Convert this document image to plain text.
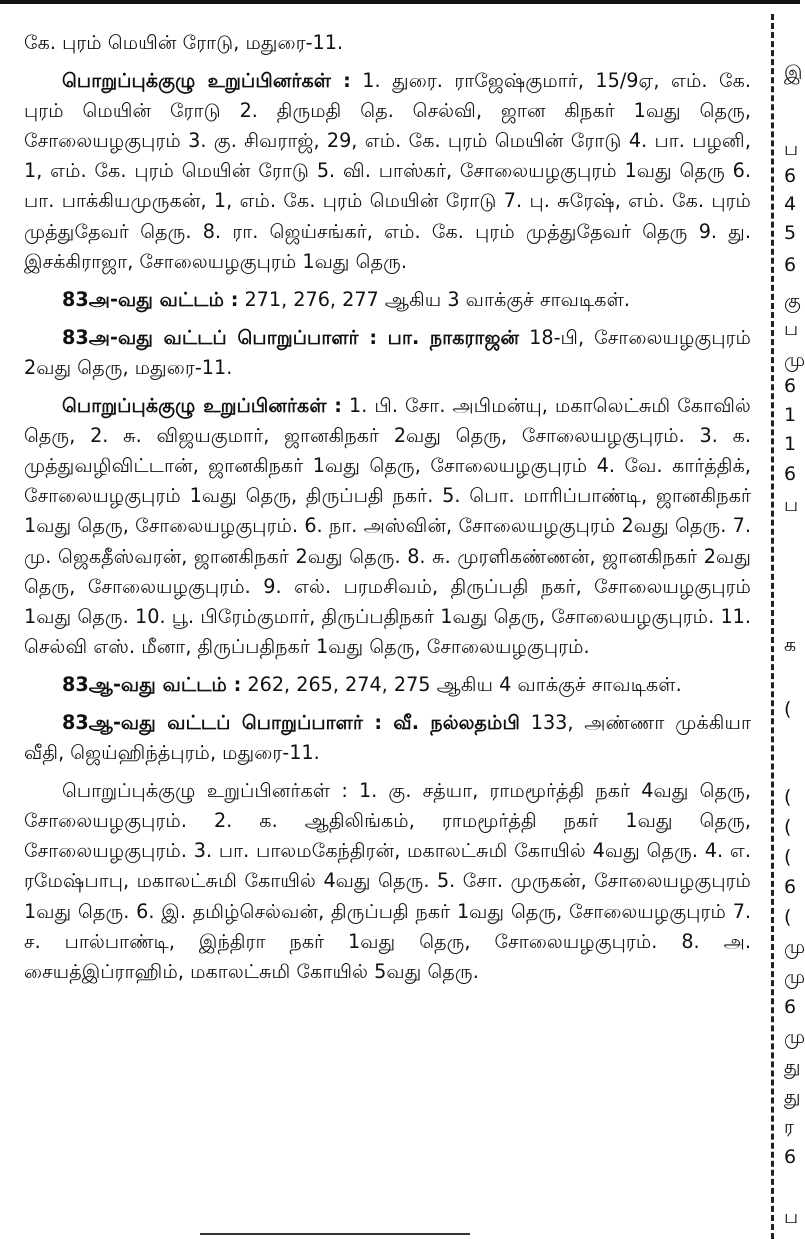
கே. புரம் மெயின் ரோடு, மதுரை-11.

பொறுப்புக்குழு உறுப்பினர்கள் : 1. துரை. ராஜேஷ்குமார், 15/9ஏ, எம். கே. புரம் மெயின் ரோடு 2. திருமதி தெ. செல்வி, ஜான கிநகர் 1வது தெரு, சோலையழகுபுரம் 3. கு. சிவராஜ், 29, எம். கே. புரம் மெயின் ரோடு 4. பா. பழனி, 1, எம். கே. புரம் மெயின் ரோடு 5. வி. பாஸ்கர், சோலையழகுபுரம் 1வது தெரு 6. பா. பாக்கியமுருகன், 1, எம். கே. புரம் மெயின் ரோடு 7. பு. சுரேஷ், எம். கே. புரம் முத்துதேவர் தெரு. 8. ரா. ஜெய்சங்கர், எம். கே. புரம் முத்துதேவர் தெரு 9. து. இசக்கிராஜா, சோலையழகுபுரம் 1வது தெரு.

83அ-வது வட்டம் : 271, 276, 277 ஆகிய 3 வாக்குச் சாவடிகள்.

83அ-வது வட்டப் பொறுப்பாளர் : பா. நாகராஜன் 18-பி, சோலையழகுபுரம் 2வது தெரு, மதுரை-11.

பொறுப்புக்குழு உறுப்பினர்கள் : 1. பி. சோ. அபிமன்யு, மகாலெட்சுமி கோவில் தெரு, 2. சு. விஜயகுமார், ஜானகிநகர் 2வது தெரு, சோலையழகுபுரம். 3. க. முத்துவழிவிட்டான், ஜானகிநகர் 1வது தெரு, சோலையழகுபுரம் 4. வே. கார்த்திக், சோலையழகுபுரம் 1வது தெரு, திருப்பதி நகர். 5. பொ. மாரிப்பாண்டி, ஜானகிநகர் 1வது தெரு, சோலையழகுபுரம். 6. நா. அஸ்வின், சோலையழகுபுரம் 2வது தெரு. 7. மு. ஜெகதீஸ்வரன், ஜானகிநகர் 2வது தெரு. 8. சு. முரளிகண்ணன், ஜானகிநகர் 2வது தெரு, சோலையழகுபுரம். 9. எல். பரமசிவம், திருப்பதி நகர், சோலையழகுபுரம் 1வது தெரு. 10. பூ. பிரேம்குமார், திருப்பதிநகர் 1வது தெரு, சோலையழகுபுரம். 11. செல்வி எஸ். மீனா, திருப்பதிநகர் 1வது தெரு, சோலையழகுபுரம்.

83ஆ-வது வட்டம் : 262, 265, 274, 275 ஆகிய 4 வாக்குச் சாவடிகள்.

83ஆ-வது வட்டப் பொறுப்பாளர் : வீ. நல்லதம்பி 133, அண்ணா முக்கியா வீதி, ஜெய்ஹிந்த்புரம், மதுரை-11.

பொறுப்புக்குழு உறுப்பினர்கள் : 1. கு. சத்யா, ராமமூர்த்தி நகர் 4வது தெரு, சோலையழகுபுரம். 2. க. ஆதிலிங்கம், ராமமூர்த்தி நகர் 1வது தெரு, சோலையழகுபுரம். 3. பா. பாலமகேந்திரன், மகாலட்சுமி கோயில் 4வது தெரு. 4. எ. ரமேஷ்பாபு, மகாலட்சுமி கோயில் 4வது தெரு. 5. சோ. முருகன், சோலையழகுபுரம் 1வது தெரு. 6. இ. தமிழ்செல்வன், திருப்பதி நகர் 1வது தெரு, சோலையழகுபுரம் 7. ச. பால்பாண்டி, இந்திரா நகர் 1வது தெரு, சோலையழகுபுரம். 8. அ. சையத்இப்ராஹிம், மகாலட்சுமி கோயில் 5வது தெரு.

இ
ப
6
4
5
6
கு
ப
மு
6
1
1
6
ப
க
(
(
(
(
6
(
மு
மு
6
மு
து
து
ர
6
ப
